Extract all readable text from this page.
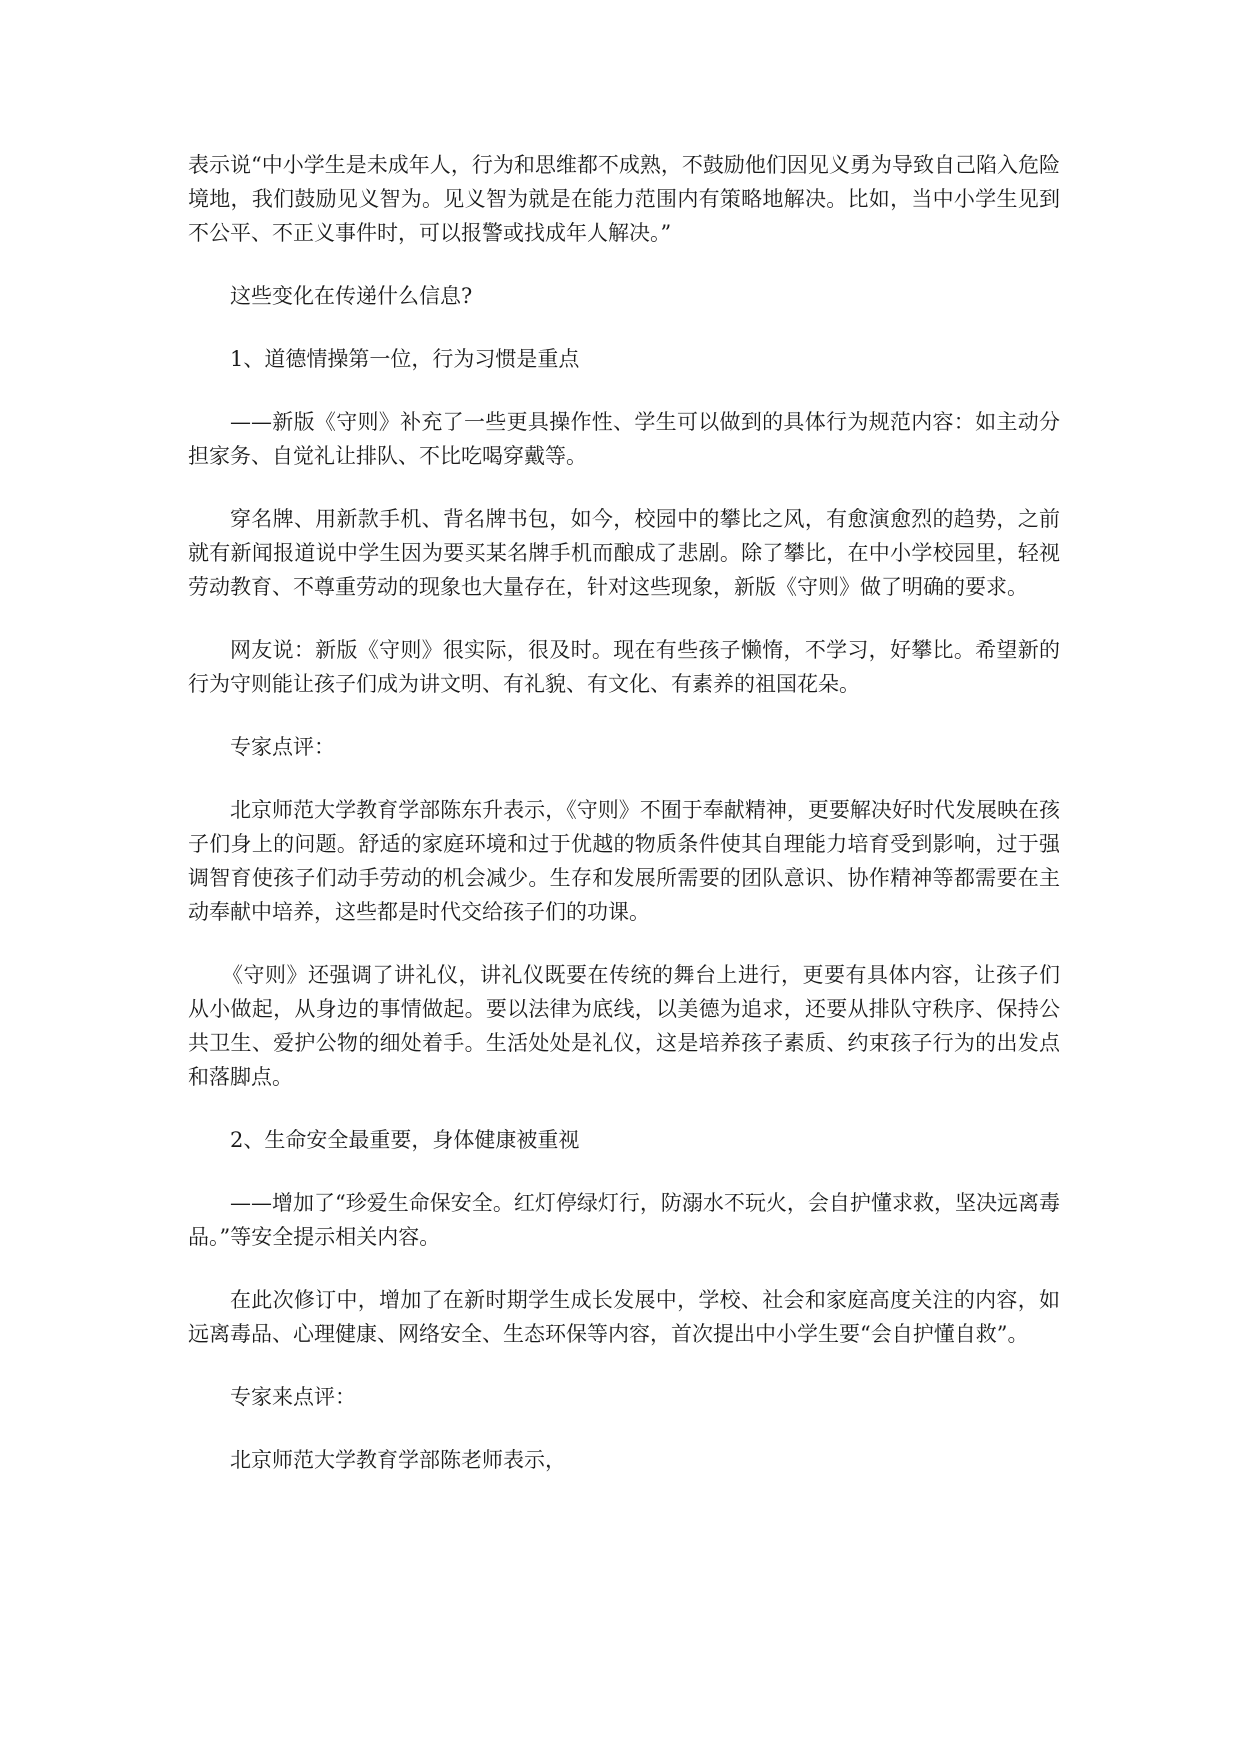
表示说“中小学生是未成年人，行为和思维都不成熟，不鼓励他们因见义勇为导致自己陷入危险境地，我们鼓励见义智为。见义智为就是在能力范围内有策略地解决。比如，当中小学生见到不公平、不正义事件时，可以报警或找成年人解决。”

这些变化在传递什么信息?

1、道德情操第一位，行为习惯是重点

——新版《守则》补充了一些更具操作性、学生可以做到的具体行为规范内容：如主动分担家务、自觉礼让排队、不比吃喝穿戴等。

穿名牌、用新款手机、背名牌书包，如今，校园中的攀比之风，有愈演愈烈的趋势，之前就有新闻报道说中学生因为要买某名牌手机而酿成了悲剧。除了攀比，在中小学校园里，轻视劳动教育、不尊重劳动的现象也大量存在，针对这些现象，新版《守则》做了明确的要求。

网友说：新版《守则》很实际，很及时。现在有些孩子懒惰，不学习，好攀比。希望新的行为守则能让孩子们成为讲文明、有礼貌、有文化、有素养的祖国花朵。

专家点评：

北京师范大学教育学部陈东升表示，《守则》不囿于奉献精神，更要解决好时代发展映在孩子们身上的问题。舒适的家庭环境和过于优越的物质条件使其自理能力培育受到影响，过于强调智育使孩子们动手劳动的机会减少。生存和发展所需要的团队意识、协作精神等都需要在主动奉献中培养，这些都是时代交给孩子们的功课。

《守则》还强调了讲礼仪，讲礼仪既要在传统的舞台上进行，更要有具体内容，让孩子们从小做起，从身边的事情做起。要以法律为底线，以美德为追求，还要从排队守秩序、保持公共卫生、爱护公物的细处着手。生活处处是礼仪，这是培养孩子素质、约束孩子行为的出发点和落脚点。

2、生命安全最重要，身体健康被重视

——增加了“珍爱生命保安全。红灯停绿灯行，防溺水不玩火，会自护懂求救，坚决远离毒品。”等安全提示相关内容。

在此次修订中，增加了在新时期学生成长发展中，学校、社会和家庭高度关注的内容，如远离毒品、心理健康、网络安全、生态环保等内容，首次提出中小学生要“会自护懂自救”。

专家来点评：

北京师范大学教育学部陈老师表示，
